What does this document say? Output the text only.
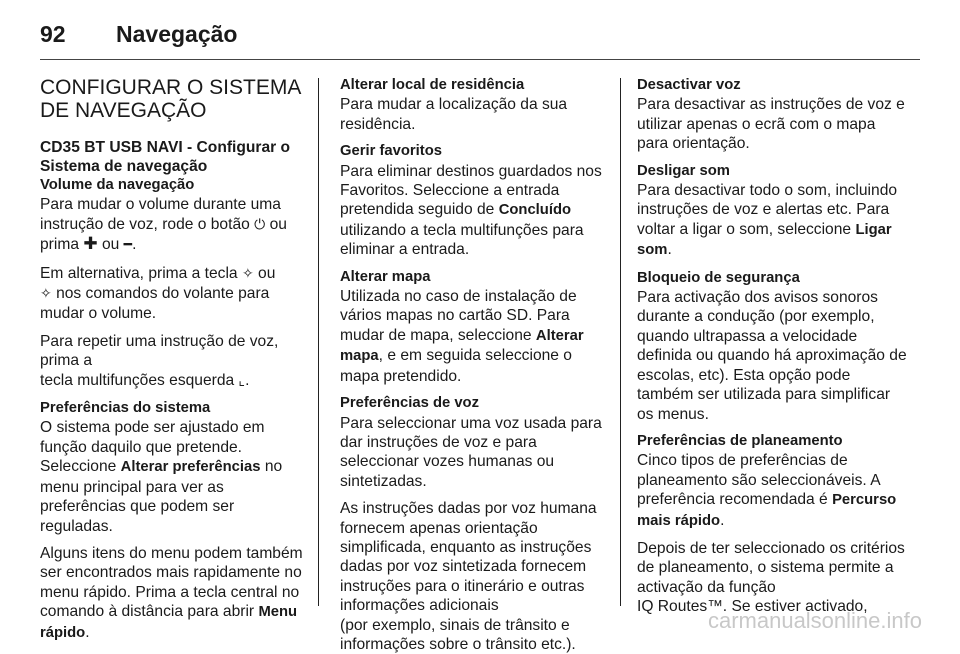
92	Navegação
CONFIGURAR O SISTEMA DE NAVEGAÇÃO
CD35 BT USB NAVI - Configurar o Sistema de navegação
Volume da navegação
Para mudar o volume durante uma instrução de voz, rode o botão ⏻ ou prima ✚ ou ━.
Em alternativa, prima a tecla ✧ ou
✧ nos comandos do volante para mudar o volume.
Para repetir uma instrução de voz, prima a
tecla multifunções esquerda ⌞.
Preferências do sistema
O sistema pode ser ajustado em função daquilo que pretende. Seleccione Alterar preferências no menu principal para ver as preferências que podem ser reguladas.
Alguns itens do menu podem também ser encontrados mais rapidamente no menu rápido. Prima a tecla central no comando à distância para abrir Menu rápido.
Alterar local de residência
Para mudar a localização da sua residência.
Gerir favoritos
Para eliminar destinos guardados nos Favoritos. Seleccione a entrada pretendida seguido de Concluído utilizando a tecla multifunções para eliminar a entrada.
Alterar mapa
Utilizada no caso de instalação de vários mapas no cartão SD. Para mudar de mapa, seleccione Alterar mapa, e em seguida seleccione o mapa pretendido.
Preferências de voz
Para seleccionar uma voz usada para dar instruções de voz e para seleccionar vozes humanas ou sintetizadas.
As instruções dadas por voz humana fornecem apenas orientação simplificada, enquanto as instruções dadas por voz sintetizada fornecem instruções para o itinerário e outras informações adicionais
(por exemplo, sinais de trânsito e informações sobre o trânsito etc.).
Desactivar voz
Para desactivar as instruções de voz e utilizar apenas o ecrã com o mapa para orientação.
Desligar som
Para desactivar todo o som, incluindo instruções de voz e alertas etc. Para voltar a ligar o som, seleccione Ligar som.
Bloqueio de segurança
Para activação dos avisos sonoros durante a condução (por exemplo, quando ultrapassa a velocidade definida ou quando há aproximação de escolas, etc). Esta opção pode também ser utilizada para simplificar os menus.
Preferências de planeamento
Cinco tipos de preferências de planeamento são seleccionáveis. A preferência recomendada é Percurso mais rápido.
Depois de ter seleccionado os critérios de planeamento, o sistema permite a activação da função
IQ Routes™. Se estiver activado,
carmanualsonline.info
